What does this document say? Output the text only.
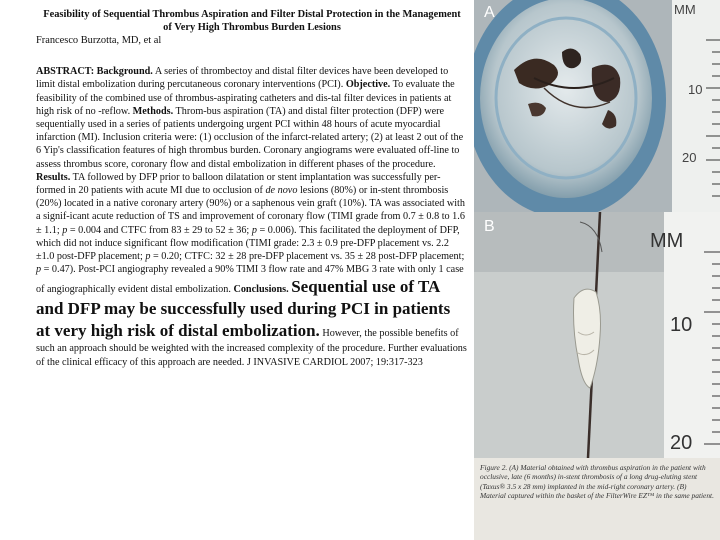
Feasibility of Sequential Thrombus Aspiration and Filter Distal Protection in the Management of Very High Thrombus Burden Lesions

Francesco Burzotta, MD, et al

ABSTRACT: Background. A series of thrombectoy and distal filter devices have been developed to limit distal embolization during percutaneous coronary interventions (PCI). Objective. To evaluate the feasibility of the combined use of thrombus-aspirating catheters and dis-tal filter devices in patients at high risk of no -reflow. Methods. Throm-bus aspiration (TA) and distal filter protection (DFP) were sequentially used in a series of patients undergoing urgent PCI within 48 hours of acute myocardial infarction (MI). Inclusion criteria were: (1) occlusion of the infarct-related artery; (2) at least 2 out of the 6 Yip's classification features of high thrombus burden. Coronary angiograms were evaluated off-line to assess thrombus score, coronary flow and distal embolization in different phases of the procedure. Results. TA followed by DFP prior to balloon dilatation or stent implantation was successfully per-formed in 20 patients with acute MI due to occlusion of de novo lesions (80%) or in-stent thrombosis (20%) located in a native coronary artery (90%) or a saphenous vein graft (10%). TA was associated with a signif-icant acute reduction of TS and improvement of coronary flow (TIMI grade from 0.7 ± 0.8 to 1.6 ± 1.1; p = 0.004 and CTFC from 83 ± 29 to 52 ± 36; p = 0.006). This facilitated the deployment of DFP, which did not induce significant flow modification (TIMI grade: 2.3 ± 0.9 pre-DFP placement vs. 2.2 ±1.0 post-DFP placement; p = 0.20; CTFC: 32 ± 28 pre-DFP placement vs. 35 ± 28 post-DFP placement; p = 0.47). Post-PCI angiography revealed a 90% TIMI 3 flow rate and 47% MBG 3 rate with only 1 case of angiographically evident distal embolization. Conclusions. Sequential use of TA and DFP may be successfully used during PCI in patients at very high risk of distal embolization. However, the possible benefits of such an approach should be weighted with the increased complexity of the procedure. Further evaluations of the clinical efficacy of this approach are needed. J INVASIVE CARDIOL 2007; 19:317-323

A	MM
10
20
B
MM
10
20

Figure 2. (A) Material obtained with thrombus aspiration in the patient with occlusive, late (6 months) in-stent thrombosis of a long drug-eluting stent (Taxus® 3.5 x 28 mm) implanted in the mid-right coronary artery. (B) Material captured within the basket of the FilterWire EZ™ in the same patient.
